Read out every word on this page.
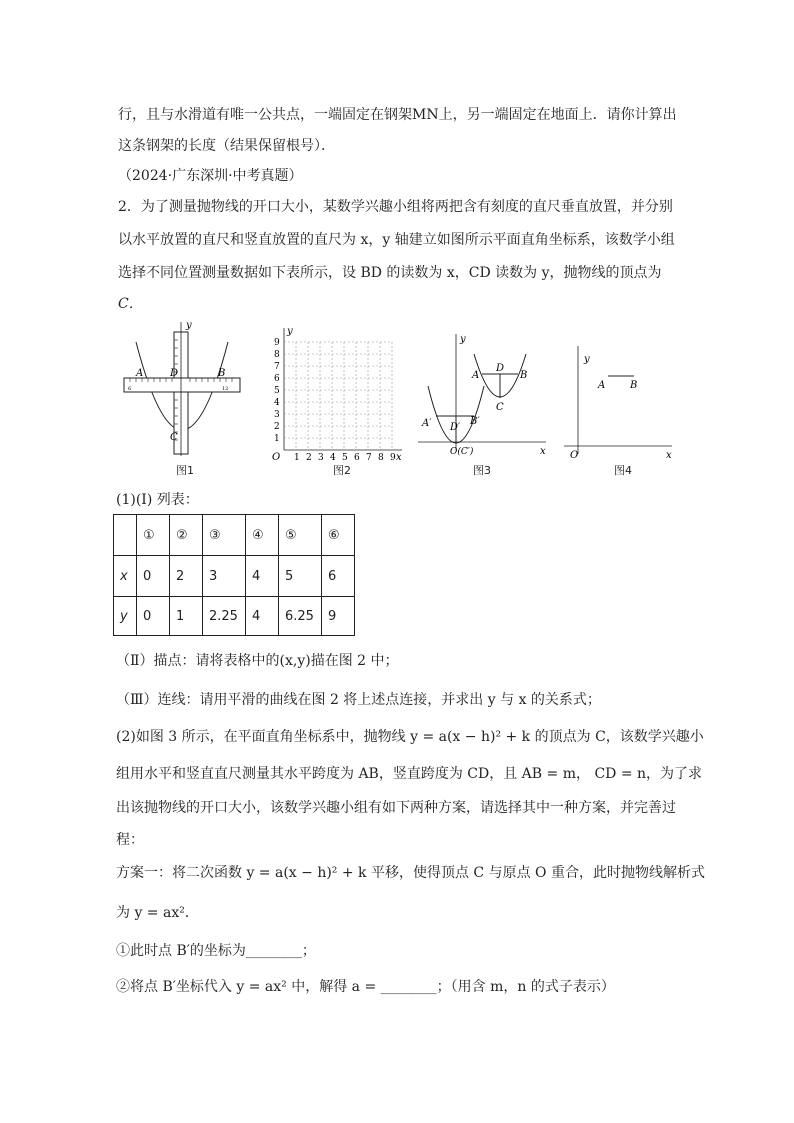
行，且与水滑道有唯一公共点，一端固定在钢架MN上，另一端固定在地面上．请你计算出
这条钢架的长度（结果保留根号）．
（2024·广东深圳·中考真题）
2．为了测量抛物线的开口大小，某数学兴趣小组将两把含有刻度的直尺垂直放置，并分别
以水平放置的直尺和竖直放置的直尺为 x，y 轴建立如图所示平面直角坐标系，该数学小组
选择不同位置测量数据如下表所示，设 BD 的读数为 x，CD 读数为 y，抛物线的顶点为
C．
y
A	D	B
C
6	12
图1
y
x
O 1 2 3 4 5 6 7 8 9
1
2
3
4
5
6
7
8
9
图2
y
x
A
D
B
C
A′ D′
B′
O(C′)
图3
y
x
O
A B
图4
(1)(Ⅰ) 列表：
	①	②	③	④	⑤	⑥
x	0	2	3	4	5	6
y	0	1	2.25	4	6.25	9
（Ⅱ）描点：请将表格中的(x,y)描在图 2 中；
（Ⅲ）连线：请用平滑的曲线在图 2 将上述点连接，并求出 y 与 x 的关系式；
(2)如图 3 所示，在平面直角坐标系中，抛物线 y = a(x − h)² + k 的顶点为 C，该数学兴趣小
组用水平和竖直直尺测量其水平跨度为 AB，竖直跨度为 CD，且 AB = m， CD = n，为了求
出该抛物线的开口大小，该数学兴趣小组有如下两种方案，请选择其中一种方案，并完善过
程：
方案一：将二次函数 y = a(x − h)² + k 平移，使得顶点 C 与原点 O 重合，此时抛物线解析式
为 y = ax²．
①此时点 B′的坐标为________；
②将点 B′坐标代入 y = ax² 中，解得 a = ________；（用含 m，n 的式子表示）
